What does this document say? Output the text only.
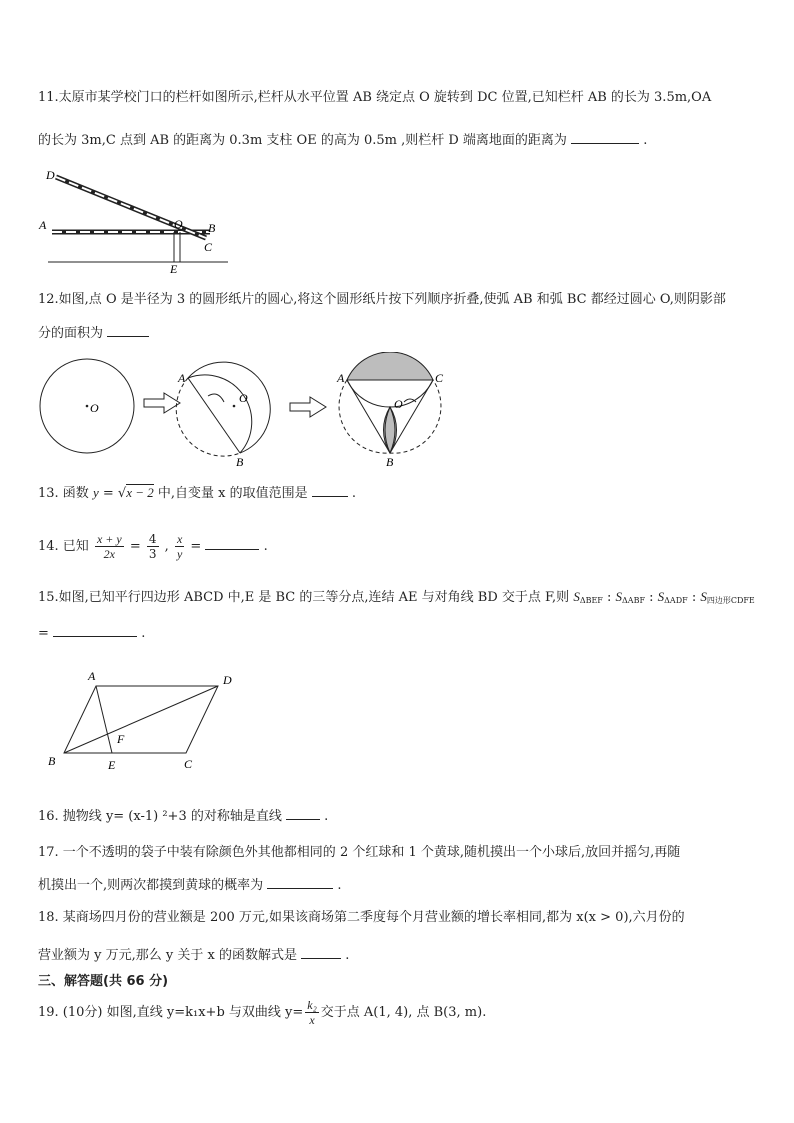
11.太原市某学校门口的栏杆如图所示,栏杆从水平位置 AB 绕定点 O 旋转到 DC 位置,已知栏杆 AB 的长为 3.5m,OA
的长为 3m,C 点到 AB 的距离为 0.3m 支柱 OE 的高为 0.5m ,则栏杆 D 端离地面的距离为	.
D
A	O B
C
E
12.如图,点 O 是半径为 3 的圆形纸片的圆心,将这个圆形纸片按下列顺序折叠,使弧 AB 和弧 BC 都经过圆心 O,则阴影部
分的面积为
O
A
O
B
A	C
O
B
13. 函数 y = √x − 2 中,自变量 x 的取值范围是	.
14. 已知 $\frac{x + y}{2x} = \frac{4}{3}$ , $\frac{x}{y}$ =	.
15.如图,已知平行四边形 ABCD 中,E 是 BC 的三等分点,连结 AE 与对角线 BD 交于点 F,则 $S_{\Delta BEF}$ : $S_{\Delta ABF}$ : $S_{\Delta ADF}$ : $S_{四边形CDFE}$
=	.
A	D
B	E	C
F
16. 抛物线 y= (x-1) ²+3 的对称轴是直线	.
17. 一个不透明的袋子中装有除颜色外其他都相同的 2 个红球和 1 个黄球,随机摸出一个小球后,放回并摇匀,再随
机摸出一个,则两次都摸到黄球的概率为	.
18. 某商场四月份的营业额是 200 万元,如果该商场第二季度每个月营业额的增长率相同,都为 x(x > 0),六月份的
营业额为 y 万元,那么 y 关于 x 的函数解式是	.
三、解答题(共 66 分)
19. (10分) 如图,直线 y=k₁x+b 与双曲线 $y= \frac{\text{k₂}}{x}$ 交于点 A(1, 4), 点 B(3, m).
